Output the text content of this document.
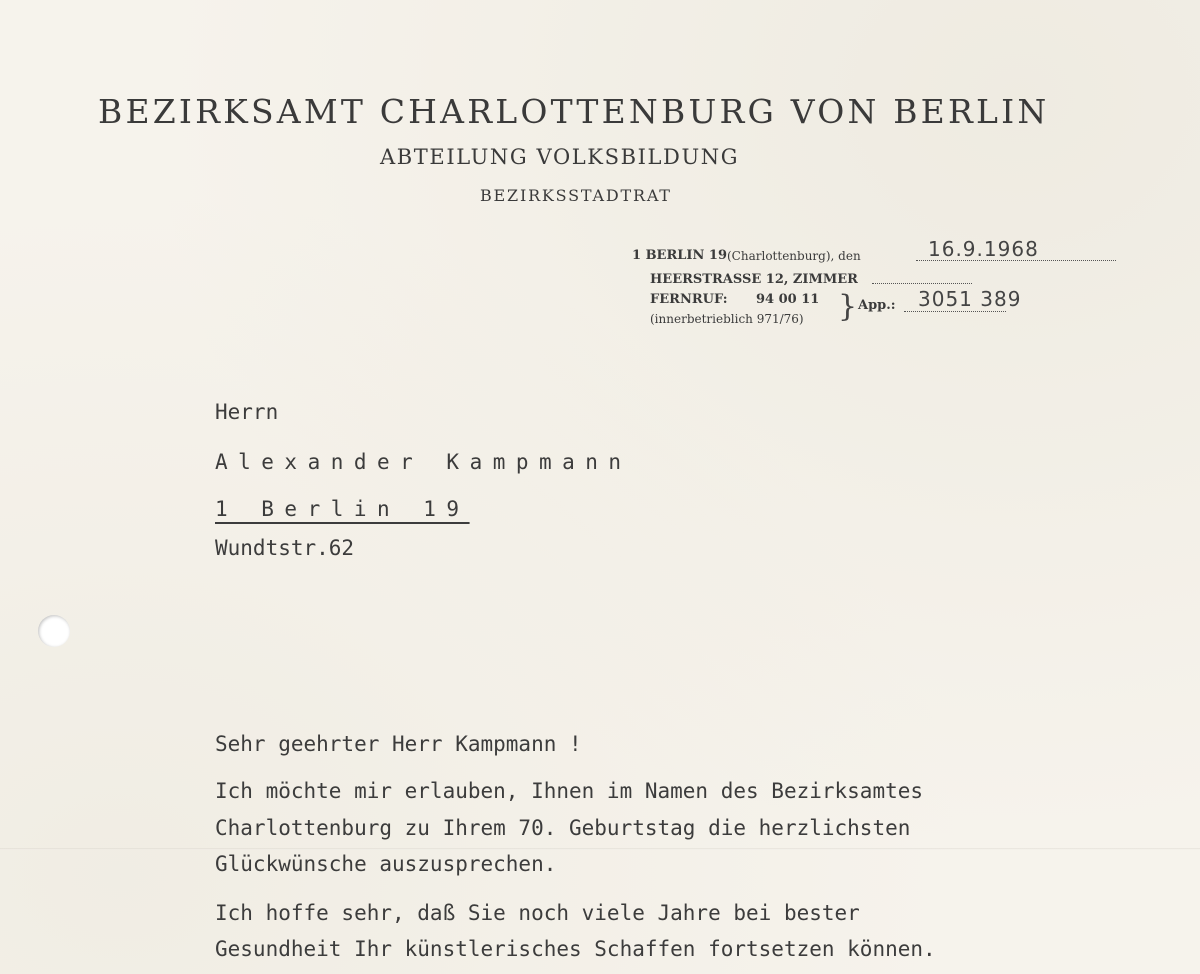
BEZIRKSAMT CHARLOTTENBURG VON BERLIN
ABTEILUNG VOLKSBILDUNG
BEZIRKSSTADTRAT
1 BERLIN 19 (Charlottenburg), den	16.9.1968
HEERSTRASSE 12, ZIMMER
FERNRUF: 94 00 11
(innerbetrieblich 971/76) } App.: 3051 389
Herrn
Alexander Kampmann
1 Berlin 19
Wundtstr.62
Sehr geehrter Herr Kampmann !
Ich möchte mir erlauben, Ihnen im Namen des Bezirksamtes
Charlottenburg zu Ihrem 70. Geburtstag die herzlichsten
Glückwünsche auszusprechen.
Ich hoffe sehr, daß Sie noch viele Jahre bei bester
Gesundheit Ihr künstlerisches Schaffen fortsetzen können.
